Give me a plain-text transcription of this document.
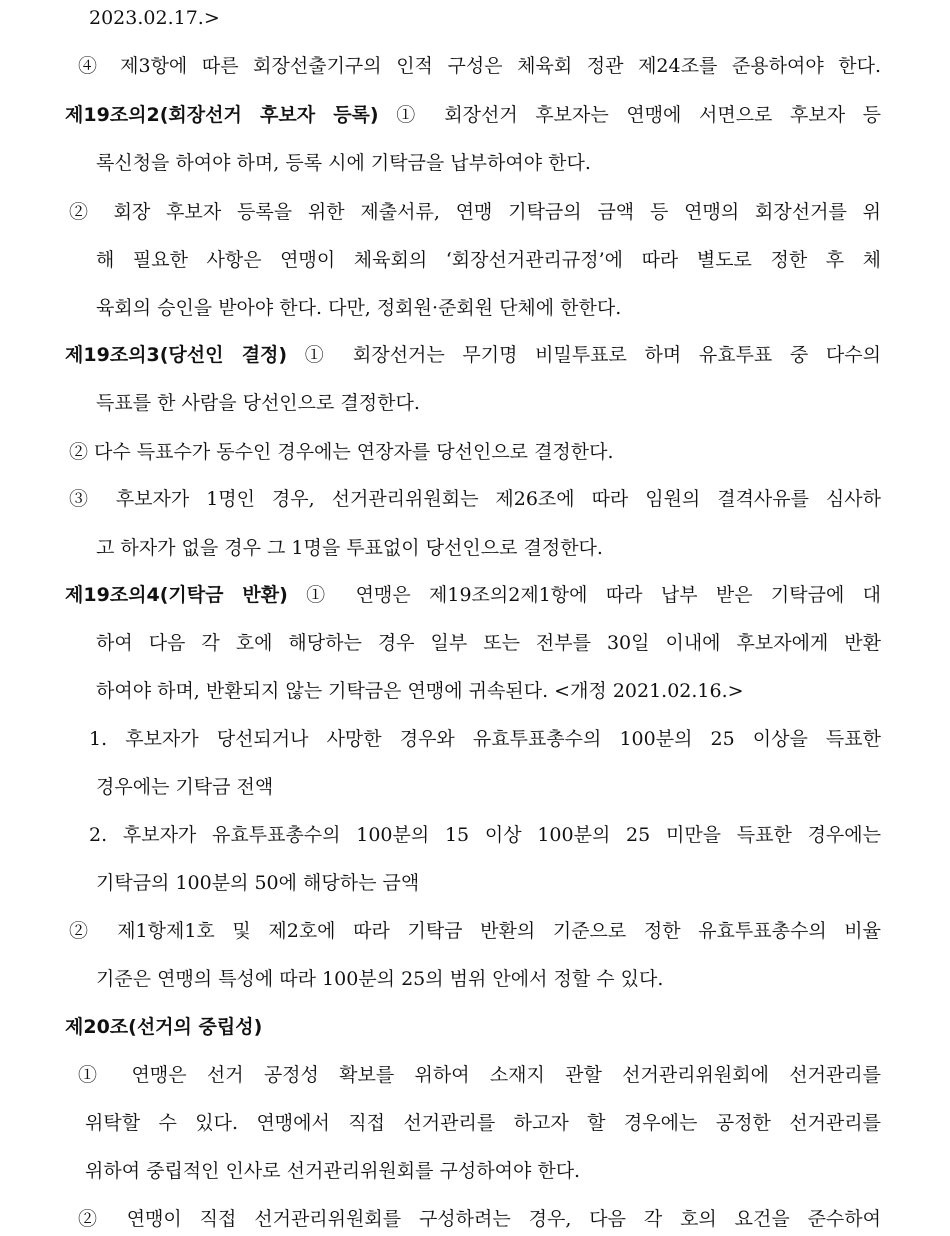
2023.02.17.>
④ 제3항에 따른 회장선출기구의 인적 구성은 체육회 정관 제24조를 준용하여야 한다.
제19조의2(회장선거 후보자 등록) ① 회장선거 후보자는 연맹에 서면으로 후보자 등
록신청을 하여야 하며, 등록 시에 기탁금을 납부하여야 한다.
② 회장 후보자 등록을 위한 제출서류, 연맹 기탁금의 금액 등 연맹의 회장선거를 위
해 필요한 사항은 연맹이 체육회의 ‘회장선거관리규정’에 따라 별도로 정한 후 체
육회의 승인을 받아야 한다. 다만, 정회원·준회원 단체에 한한다.
제19조의3(당선인 결정) ① 회장선거는 무기명 비밀투표로 하며 유효투표 중 다수의
득표를 한 사람을 당선인으로 결정한다.
② 다수 득표수가 동수인 경우에는 연장자를 당선인으로 결정한다.
③ 후보자가 1명인 경우, 선거관리위원회는 제26조에 따라 임원의 결격사유를 심사하
고 하자가 없을 경우 그 1명을 투표없이 당선인으로 결정한다.
제19조의4(기탁금 반환) ① 연맹은 제19조의2제1항에 따라 납부 받은 기탁금에 대
하여 다음 각 호에 해당하는 경우 일부 또는 전부를 30일 이내에 후보자에게 반환
하여야 하며, 반환되지 않는 기탁금은 연맹에 귀속된다. <개정 2021.02.16.>
1. 후보자가 당선되거나 사망한 경우와 유효투표총수의 100분의 25 이상을 득표한
경우에는 기탁금 전액
2. 후보자가 유효투표총수의 100분의 15 이상 100분의 25 미만을 득표한 경우에는
기탁금의 100분의 50에 해당하는 금액
② 제1항제1호 및 제2호에 따라 기탁금 반환의 기준으로 정한 유효투표총수의 비율
기준은 연맹의 특성에 따라 100분의 25의 범위 안에서 정할 수 있다.
제20조(선거의 중립성)
① 연맹은 선거 공정성 확보를 위하여 소재지 관할 선거관리위원회에 선거관리를
위탁할 수 있다. 연맹에서 직접 선거관리를 하고자 할 경우에는 공정한 선거관리를
위하여 중립적인 인사로 선거관리위원회를 구성하여야 한다.
② 연맹이 직접 선거관리위원회를 구성하려는 경우, 다음 각 호의 요건을 준수하여
